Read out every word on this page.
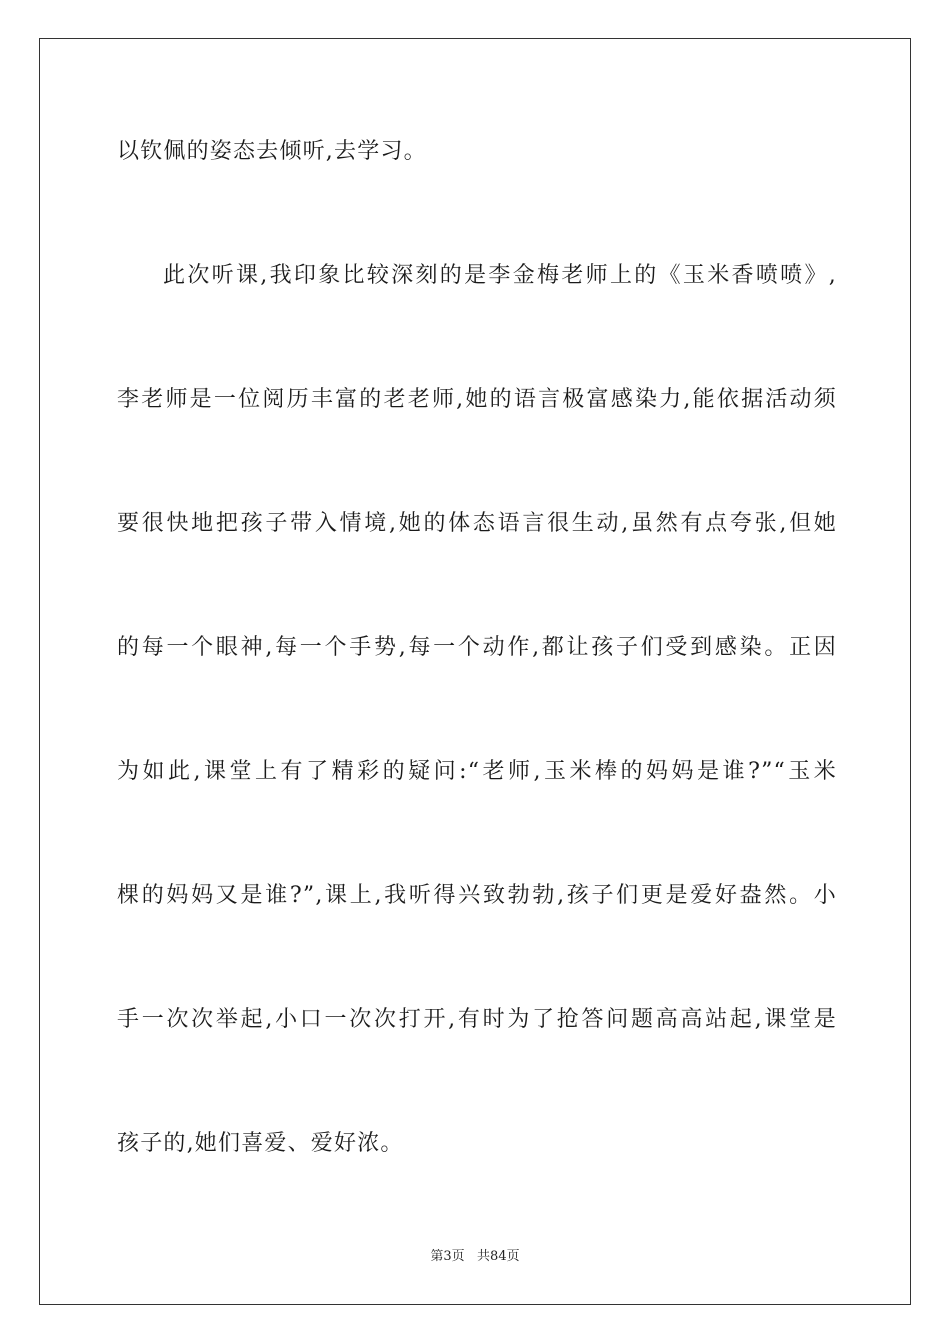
以钦佩的姿态去倾听,去学习。
此次听课,我印象比较深刻的是李金梅老师上的《玉米香喷喷》,
李老师是一位阅历丰富的老老师,她的语言极富感染力,能依据活动须
要很快地把孩子带入情境,她的体态语言很生动,虽然有点夸张,但她
的每一个眼神,每一个手势,每一个动作,都让孩子们受到感染。正因
为如此,课堂上有了精彩的疑问:“老师,玉米棒的妈妈是谁?”“玉米
棵的妈妈又是谁?”,课上,我听得兴致勃勃,孩子们更是爱好盎然。小
手一次次举起,小口一次次打开,有时为了抢答问题高高站起,课堂是
孩子的,她们喜爱、爱好浓。
第3页   共84页
